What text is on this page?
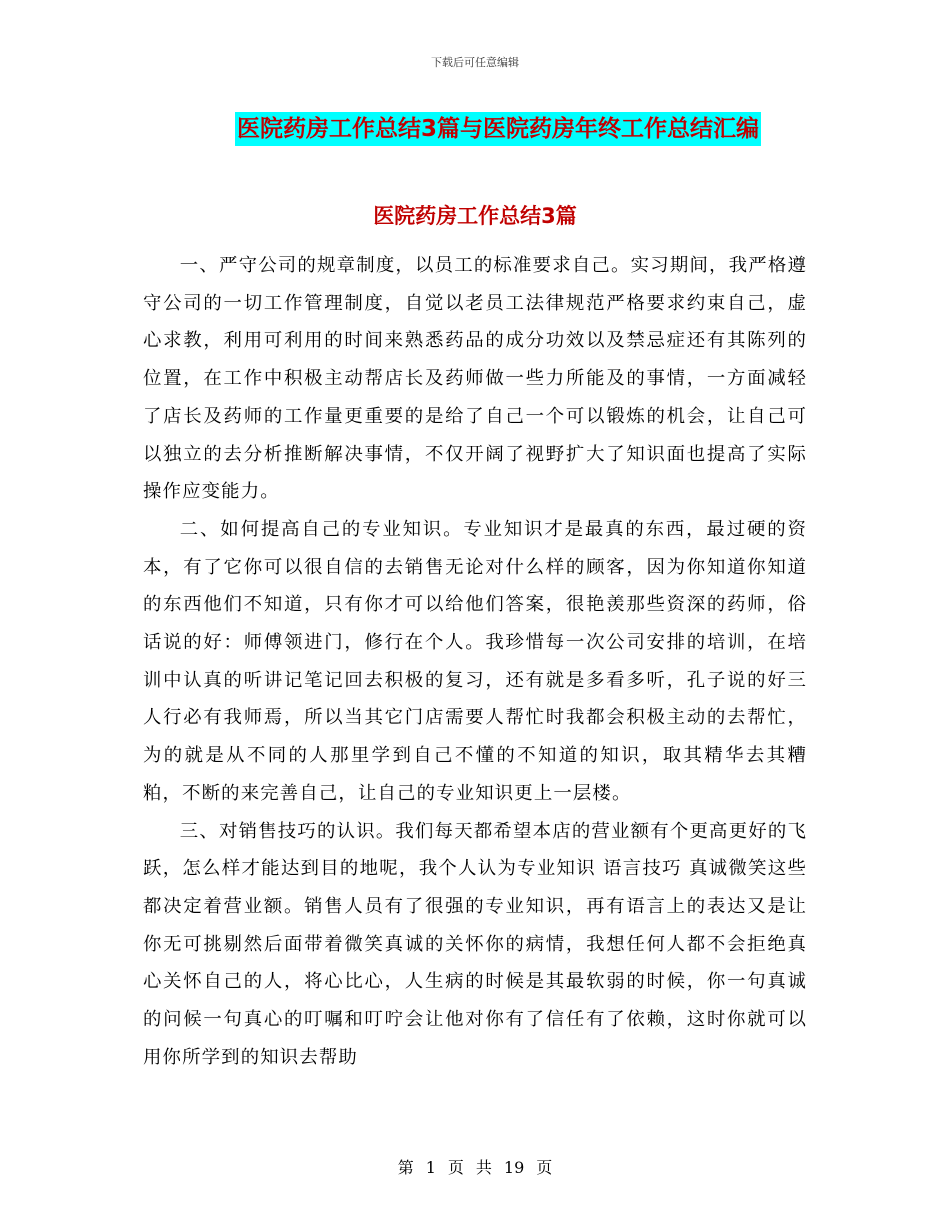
下载后可任意编辑
医院药房工作总结3篇与医院药房年终工作总结汇编
医院药房工作总结3篇

一、严守公司的规章制度，以员工的标准要求自己。实习期间，我严格遵守公司的一切工作管理制度，自觉以老员工法律规范严格要求约束自己，虚心求教，利用可利用的时间来熟悉药品的成分功效以及禁忌症还有其陈列的位置，在工作中积极主动帮店长及药师做一些力所能及的事情，一方面减轻了店长及药师的工作量更重要的是给了自己一个可以锻炼的机会，让自己可以独立的去分析推断解决事情，不仅开阔了视野扩大了知识面也提高了实际操作应变能力。

二、如何提高自己的专业知识。专业知识才是最真的东西，最过硬的资本，有了它你可以很自信的去销售无论对什么样的顾客，因为你知道你知道的东西他们不知道，只有你才可以给他们答案，很艳羡那些资深的药师，俗话说的好：师傅领进门，修行在个人。我珍惜每一次公司安排的培训，在培训中认真的听讲记笔记回去积极的复习，还有就是多看多听，孔子说的好三人行必有我师焉，所以当其它门店需要人帮忙时我都会积极主动的去帮忙，为的就是从不同的人那里学到自己不懂的不知道的知识，取其精华去其糟粕，不断的来完善自己，让自己的专业知识更上一层楼。

三、对销售技巧的认识。我们每天都希望本店的营业额有个更高更好的飞跃，怎么样才能达到目的地呢，我个人认为专业知识 语言技巧 真诚微笑这些都决定着营业额。销售人员有了很强的专业知识，再有语言上的表达又是让你无可挑剔然后面带着微笑真诚的关怀你的病情，我想任何人都不会拒绝真心关怀自己的人，将心比心，人生病的时候是其最软弱的时候，你一句真诚的问候一句真心的叮嘱和叮咛会让他对你有了信任有了依赖，这时你就可以用你所学到的知识去帮助

第 1 页 共 19 页
